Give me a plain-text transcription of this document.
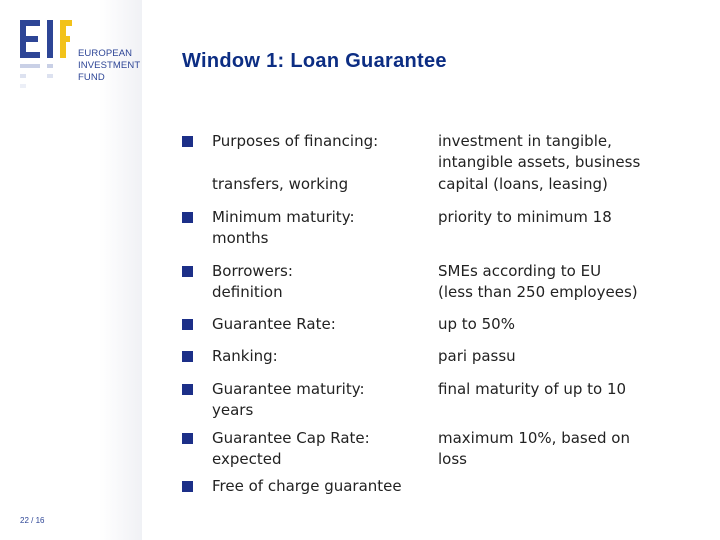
EUROPEAN
INVESTMENT
FUND
22 / 16
Window 1: Loan Guarantee
Purposes of financing:
transfers, working
investment in tangible,
intangible assets, business
capital (loans, leasing)
Minimum maturity:
months
priority to minimum 18
Borrowers:
definition
SMEs according to EU
(less than 250 employees)
Guarantee Rate:	up to 50%
Ranking:	pari passu
Guarantee maturity:
years
final maturity of up to 10
Guarantee Cap Rate:
expected
maximum 10%, based on
loss
Free of charge guarantee
